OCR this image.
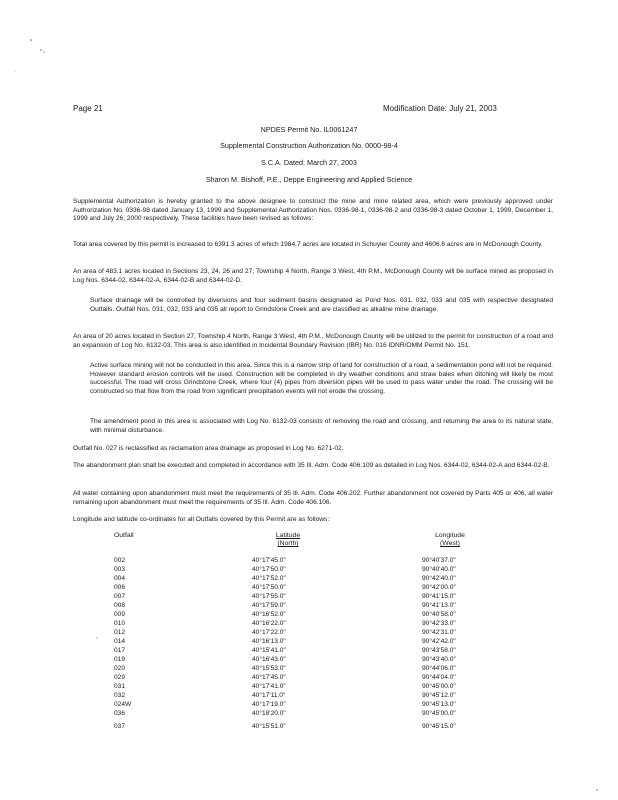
Page 21	Modification Date: July 21, 2003
NPDES Permit No. IL0061247
Supplemental Construction Authorization No. 0000-98-4
S.C.A. Dated: March 27, 2003
Sharon M. Bishoff, P.E., Deppe Engineering and Applied Science
Supplemental Authorization is hereby granted to the above designee to construct the mine and mine related area, which were previously approved under Authorization No. 0336-98 dated January 13, 1999 and Supplemental Authorization Nos. 0336-98-1, 0336-98-2 and 0336-98-3 dated October 1, 1999, December 1, 1999 and July 26, 2000 respectively. These facilities have been revised as follows:
Total area covered by this permit is increased to 6391.3 acres of which 1984.7 acres are located in Schuyler County and 4606.6 acres are in McDonough County.
An area of 483.1 acres located in Sections 23, 24, 26 and 27, Township 4 North, Range 3 West, 4th P.M., McDonough County will be surface mined as proposed in Log Nos. 6344-02, 6344-02-A, 6344-02-B and 6344-02-D.
Surface drainage will be controlled by diversions and four sediment basins designated as Pond Nos. 031, 032, 033 and 035 with respective designated Outfalls. Outfall Nos. 031, 032, 033 and 035 all report to Grindstone Creek and are classified as alkaline mine drainage.
An area of 20 acres located in Section 27, Township 4 North, Range 3 West, 4th P.M., McDonough County will be utilized to the permit for construction of a road and an expansion of Log No. 6132-03. This area is also identified in Incidental Boundary Revision (IBR) No. 016 IDNR/OMM Permit No. 151.
Active surface mining will not be conducted in this area. Since this is a narrow strip of land for construction of a road, a sedimentation pond will not be required. However standard erosion controls will be used. Construction will be completed in dry weather conditions and straw bales when ditching will likely be most successful. The road will cross Grindstone Creek, where four (4) pipes from diversion pipes will be used to pass water under the road. The crossing will be constructed so that flow from the road from significant precipitation events will not erode the crossing.
The amendment pond in this area is associated with Log No. 6132-03 consists of removing the road and crossing, and returning the area to its natural state, with minimal disturbance.
Outfall No. 027 is reclassified as reclamation area drainage as proposed in Log No. 6271-02.
The abandonment plan shall be executed and completed in accordance with 35 Ill. Adm. Code 406.109 as detailed in Log Nos. 6344-02, 6344-02-A and 6344-02-B.
All water containing upon abandonment must meet the requirements of 35 Ill. Adm. Code 406.202. Further abandonment not covered by Parts 405 or 406, all water remaining upon abandonment must meet the requirements of 35 Ill. Adm. Code 406.106.
Longitude and latitude co-ordinates for all Outfalls covered by this Permit are as follows:
Outfall	Latitude
(North)
Longitude
(West)
002	40°17'45.0"	90°40'37.0"
003	40°17'50.0"	90°40'40.0"
004	40°17'52.0"	90°42'40.0"
006	40°17'50.0"	90°42'00.0"
007	40°17'55.0"	90°41'15.0"
008	40°17'59.0"	90°41'13.0"
009	40°16'52.0"	90°40'58.0"
010	40°16'22.0"	90°42'33.0"
012	40°17'22.0"	90°42'31.0"
014	40°16'13.0"	90°42'42.0"
017	40°15'41.0"	90°43'58.0"
019	40°16'43.0"	90°43'40.0"
020	40°15'53.0"	90°44'06.0"
029	40°17'45.0"	90°44'04.0"
031	40°17'41.0"	90°45'00.0"
032	40°17'11.0"	90°45'12.0"
024W	40°17'19.0"	90°45'13.0"
036	40°18'20.0"	90°45'00.0"
037	40°15'51.0"	90°45'15.0"
